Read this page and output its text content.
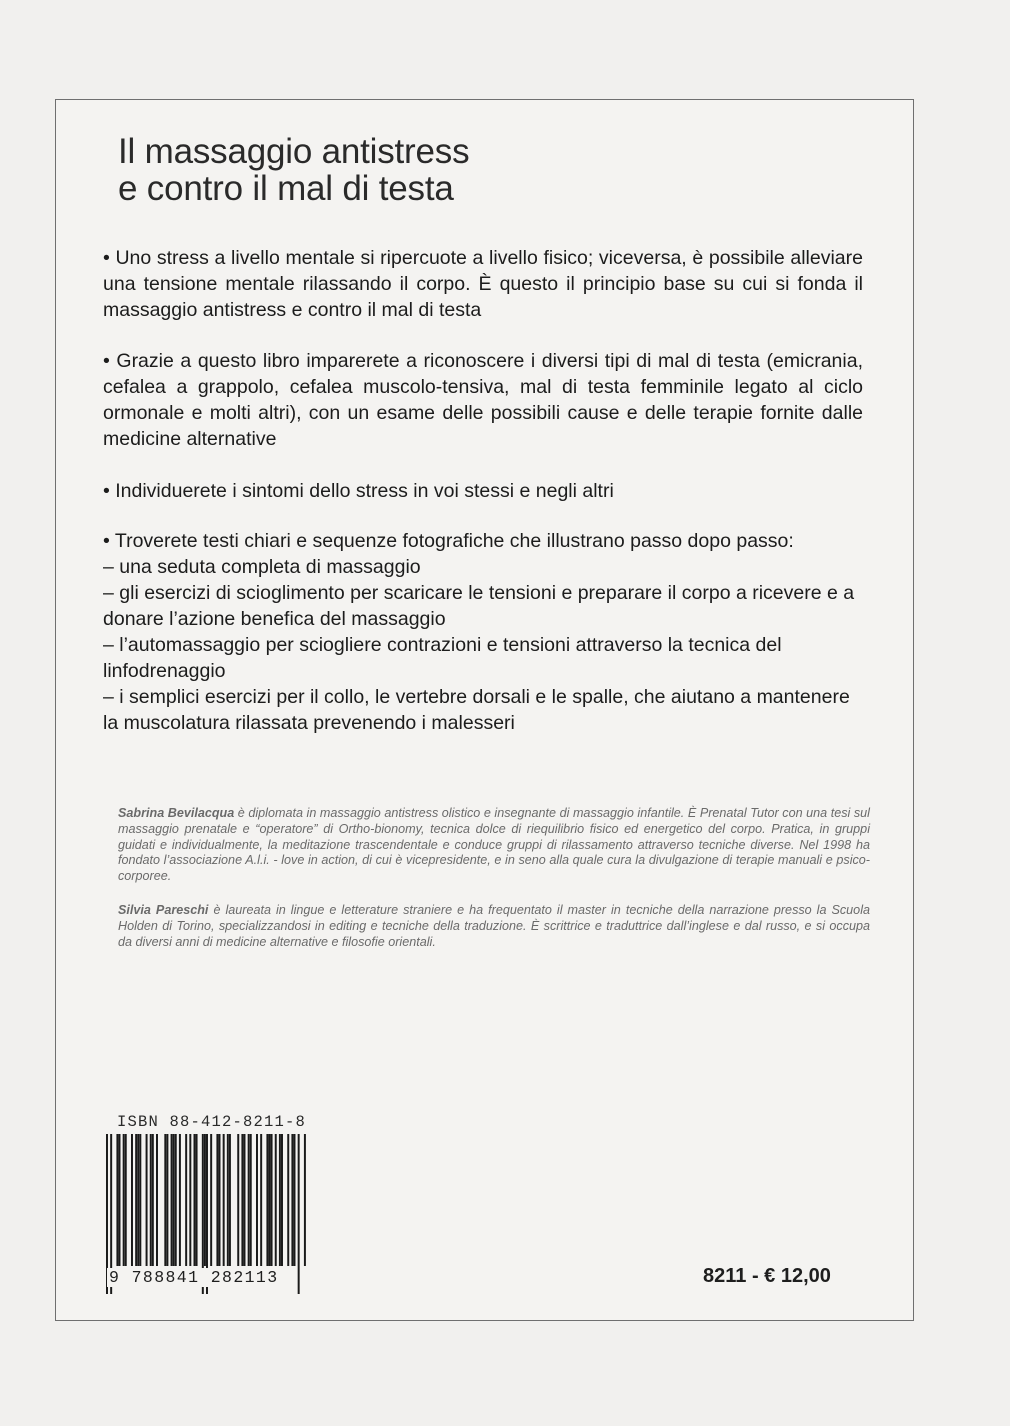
Il massaggio antistress
e contro il mal di testa

• Uno stress a livello mentale si ripercuote a livello fisico; viceversa, è possibile alleviare una tensione mentale rilassando il corpo. È questo il principio base su cui si fonda il massaggio antistress e contro il mal di testa

• Grazie a questo libro imparerete a riconoscere i diversi tipi di mal di testa (emicrania, cefalea a grappolo, cefalea muscolo-tensiva, mal di testa femminile legato al ciclo ormonale e molti altri), con un esame delle possibili cause e delle terapie fornite dalle medicine alternative

• Individuerete i sintomi dello stress in voi stessi e negli altri

• Troverete testi chiari e sequenze fotografiche che illustrano passo dopo passo:
– una seduta completa di massaggio
– gli esercizi di scioglimento per scaricare le tensioni e preparare il corpo a ricevere e a donare l’azione benefica del massaggio
– l’automassaggio per sciogliere contrazioni e tensioni attraverso la tecnica del linfodrenaggio
– i semplici esercizi per il collo, le vertebre dorsali e le spalle, che aiutano a mantenere la muscolatura rilassata prevenendo i malesseri

Sabrina Bevilacqua è diplomata in massaggio antistress olistico e insegnante di massaggio infantile. È Prenatal Tutor con una tesi sul massaggio prenatale e “operatore” di Ortho-bionomy, tecnica dolce di riequilibrio fisico ed energetico del corpo. Pratica, in gruppi guidati e individualmente, la meditazione trascendentale e conduce gruppi di rilassamento attraverso tecniche diverse. Nel 1998 ha fondato l’associazione A.l.i. - love in action, di cui è vicepresidente, e in seno alla quale cura la divulgazione di terapie manuali e psico-corporee.

Silvia Pareschi è laureata in lingue e letterature straniere e ha frequentato il master in tecniche della narrazione presso la Scuola Holden di Torino, specializzandosi in editing e tecniche della traduzione. È scrittrice e traduttrice dall’inglese e dal russo, e si occupa da diversi anni di medicine alternative e filosofie orientali.

ISBN 88-412-8211-8
9 788841 282113	8211 - € 12,00
